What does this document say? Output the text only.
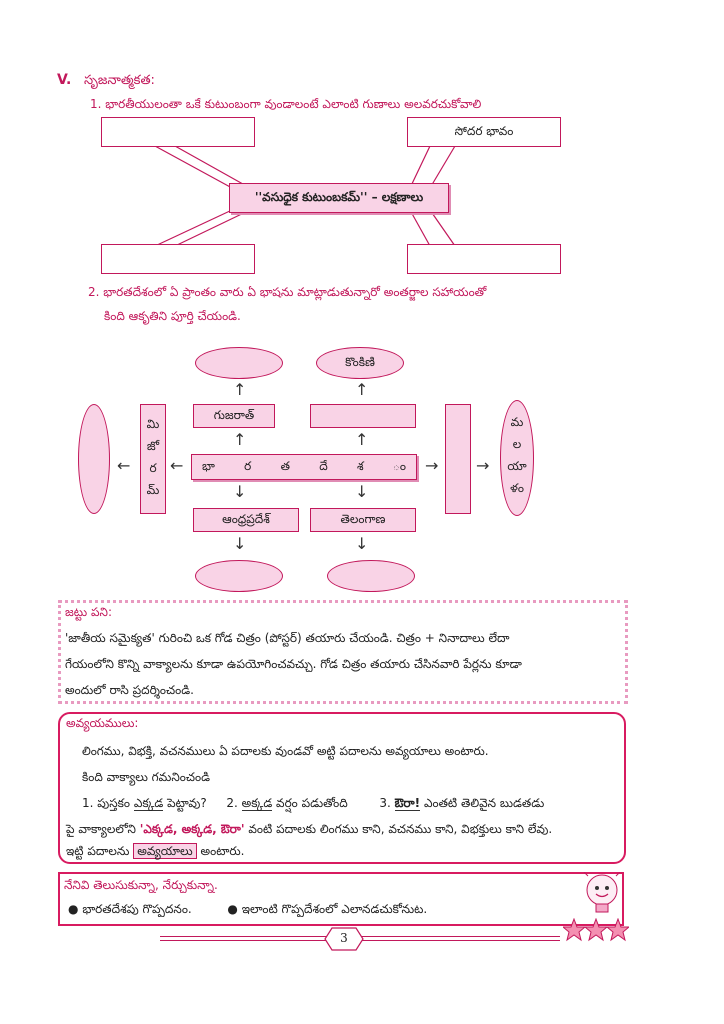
V. సృజనాత్మకత:
1. భారతీయులంతా ఒకే కుటుంబంగా వుండాలంటే ఎలాంటి గుణాలు అలవరచుకోవాలి
సోదర భావం
''వసుధైక కుటుంబకమ్'' – లక్షణాలు
2. భారతదేశంలో ఏ ప్రాంతం వారు ఏ భాషను మాట్లాడుతున్నారో అంతర్జాల సహాయంతో
కింది ఆకృతిని పూర్తి చేయండి.
కొంకిణి
↑	↑
గుజరాత్
↑	↑
←
మి
జో
ర
మ్
← భా ర త దే శ ం → →
మ
ల
యా
ళం
↓	↓
ఆంధ్రప్రదేశ్	తెలంగాణ
↓	↓
జట్టు పని:
'జాతీయ సమైక్యత' గురించి ఒక గోడ చిత్రం (పోస్టర్) తయారు చేయండి. చిత్రం + నినాదాలు లేదా
గేయంలోని కొన్ని వాక్యాలను కూడా ఉపయోగించవచ్చు. గోడ చిత్రం తయారు చేసినవారి పేర్లను కూడా
అందులో రాసి ప్రదర్శించండి.
అవ్యయములు:
లింగము, విభక్తి, వచనములు ఏ పదాలకు వుండవో అట్టి పదాలను అవ్యయాలు అంటారు.
కింది వాక్యాలు గమనించండి
1. పుస్తకం ఎక్కడ పెట్టావు? 2. అక్కడ వర్షం పడుతోంది	3. ఔరా! ఎంతటి తెలివైన బుడతడు
పై వాక్యాలలోని 'ఎక్కడ, అక్కడ, ఔరా' వంటి పదాలకు లింగము కాని, వచనము కాని, విభక్తులు కాని లేవు.
ఇట్టి పదాలను అవ్యయాలు అంటారు.
నేనివి తెలుసుకున్నా, నేర్చుకున్నా.
● భారతదేశపు గొప్పదనం.	● ఇలాంటి గొప్పదేశంలో ఎలానడచుకోనుట.
3
